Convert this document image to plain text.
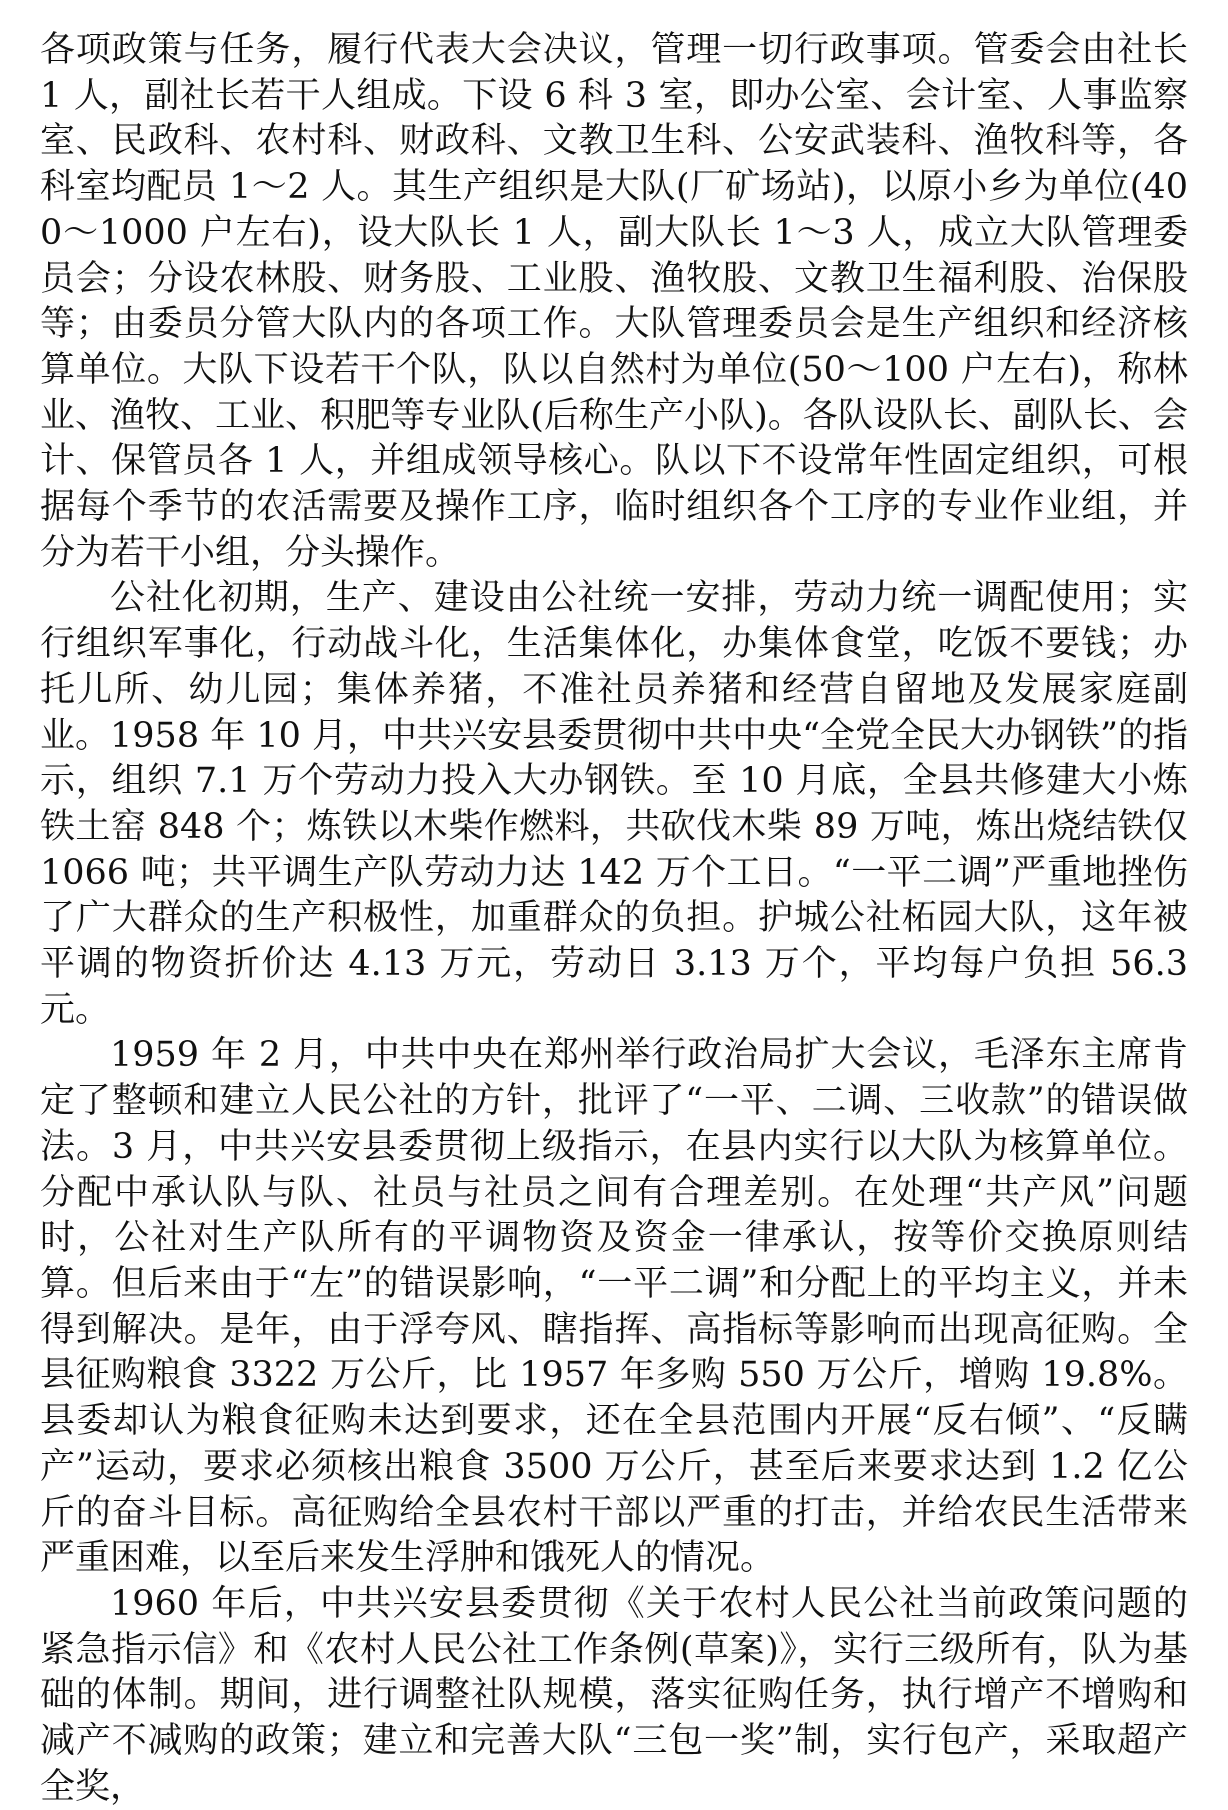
各项政策与任务，履行代表大会决议，管理一切行政事项。管委会由社长 1 人，副社长若干人组成。下设 6 科 3 室，即办公室、会计室、人事监察室、民政科、农村科、财政科、文教卫生科、公安武装科、渔牧科等，各科室均配员 1～2 人。其生产组织是大队(厂矿场站)，以原小乡为单位(400～1000 户左右)，设大队长 1 人，副大队长 1～3 人，成立大队管理委员会；分设农林股、财务股、工业股、渔牧股、文教卫生福利股、治保股等；由委员分管大队内的各项工作。大队管理委员会是生产组织和经济核算单位。大队下设若干个队，队以自然村为单位(50～100 户左右)，称林业、渔牧、工业、积肥等专业队(后称生产小队)。各队设队长、副队长、会计、保管员各 1 人，并组成领导核心。队以下不设常年性固定组织，可根据每个季节的农活需要及操作工序，临时组织各个工序的专业作业组，并分为若干小组，分头操作。

公社化初期，生产、建设由公社统一安排，劳动力统一调配使用；实行组织军事化，行动战斗化，生活集体化，办集体食堂，吃饭不要钱；办托儿所、幼儿园；集体养猪，不准社员养猪和经营自留地及发展家庭副业。1958 年 10 月，中共兴安县委贯彻中共中央“全党全民大办钢铁”的指示，组织 7.1 万个劳动力投入大办钢铁。至 10 月底，全县共修建大小炼铁土窑 848 个；炼铁以木柴作燃料，共砍伐木柴 89 万吨，炼出烧结铁仅 1066 吨；共平调生产队劳动力达 142 万个工日。“一平二调”严重地挫伤了广大群众的生产积极性，加重群众的负担。护城公社柘园大队，这年被平调的物资折价达 4.13 万元，劳动日 3.13 万个，平均每户负担 56.3 元。

1959 年 2 月，中共中央在郑州举行政治局扩大会议，毛泽东主席肯定了整顿和建立人民公社的方针，批评了“一平、二调、三收款”的错误做法。3 月，中共兴安县委贯彻上级指示，在县内实行以大队为核算单位。分配中承认队与队、社员与社员之间有合理差别。在处理“共产风”问题时，公社对生产队所有的平调物资及资金一律承认，按等价交换原则结算。但后来由于“左”的错误影响，“一平二调”和分配上的平均主义，并未得到解决。是年，由于浮夸风、瞎指挥、高指标等影响而出现高征购。全县征购粮食 3322 万公斤，比 1957 年多购 550 万公斤，增购 19.8%。县委却认为粮食征购未达到要求，还在全县范围内开展“反右倾”、“反瞒产”运动，要求必须核出粮食 3500 万公斤，甚至后来要求达到 1.2 亿公斤的奋斗目标。高征购给全县农村干部以严重的打击，并给农民生活带来严重困难，以至后来发生浮肿和饿死人的情况。

1960 年后，中共兴安县委贯彻《关于农村人民公社当前政策问题的紧急指示信》和《农村人民公社工作条例(草案)》，实行三级所有，队为基础的体制。期间，进行调整社队规模，落实征购任务，执行增产不增购和减产不减购的政策；建立和完善大队“三包一奖”制，实行包产，采取超产全奖，
